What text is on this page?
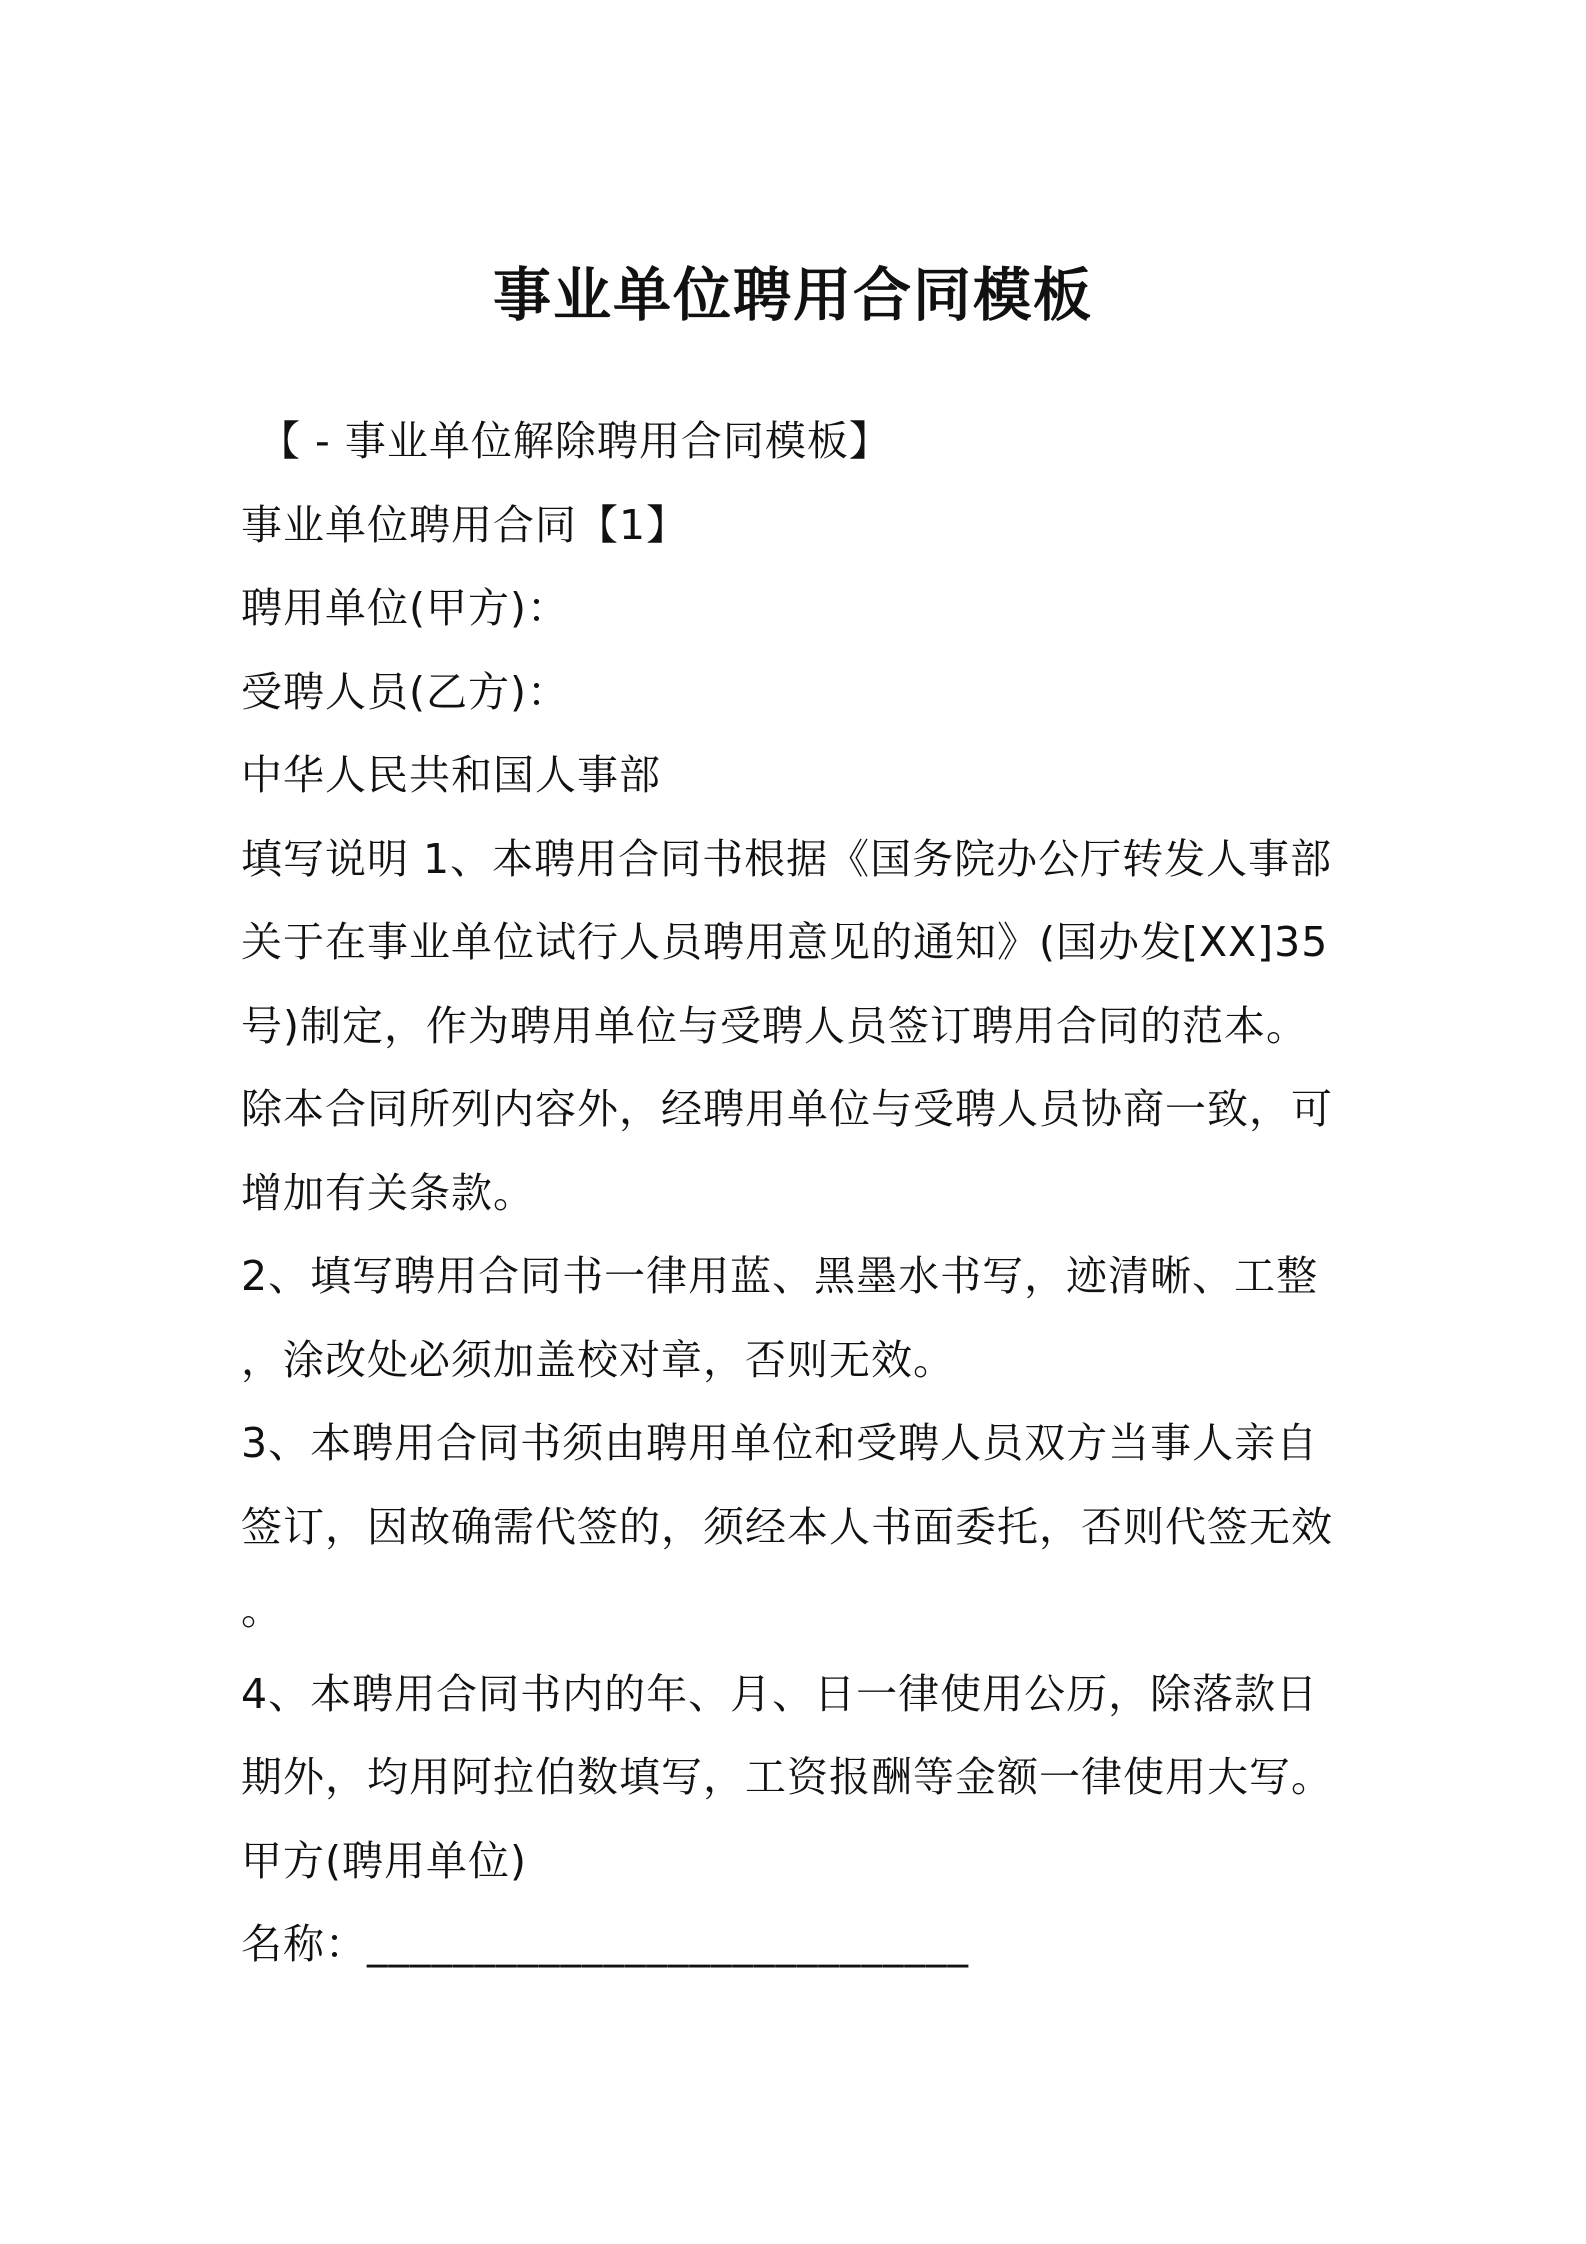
事业单位聘用合同模板
【 - 事业单位解除聘用合同模板】
事业单位聘用合同【1】
聘用单位(甲方)：
受聘人员(乙方)：
中华人民共和国人事部
填写说明 1、本聘用合同书根据《国务院办公厅转发人事部
关于在事业单位试行人员聘用意见的通知》(国办发[XX]35
号)制定，作为聘用单位与受聘人员签订聘用合同的范本。
除本合同所列内容外，经聘用单位与受聘人员协商一致，可
增加有关条款。
2、填写聘用合同书一律用蓝、黑墨水书写，迹清晰、工整
，涂改处必须加盖校对章，否则无效。
3、本聘用合同书须由聘用单位和受聘人员双方当事人亲自
签订，因故确需代签的，须经本人书面委托，否则代签无效
。
4、本聘用合同书内的年、月、日一律使用公历，除落款日
期外，均用阿拉伯数填写，工资报酬等金额一律使用大写。
甲方(聘用单位)
名称：____________________________
